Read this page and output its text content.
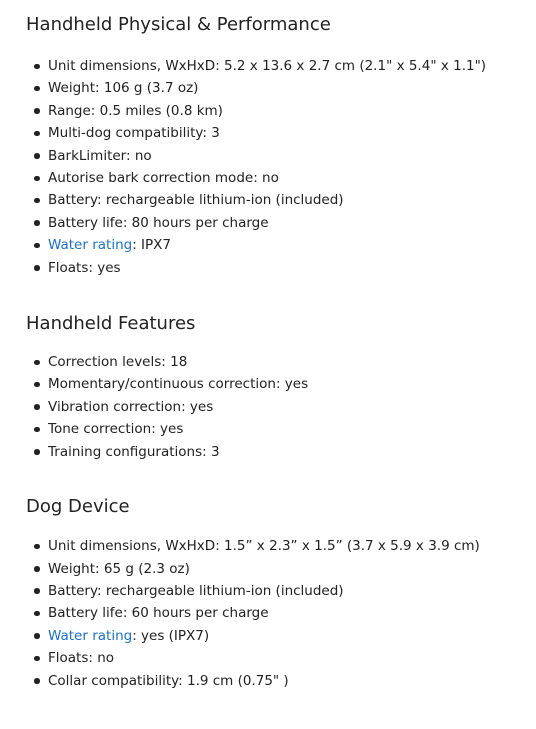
Handheld Physical & Performance
Unit dimensions, WxHxD: 5.2 x 13.6 x 2.7 cm (2.1" x 5.4" x 1.1")
Weight: 106 g (3.7 oz)
Range: 0.5 miles (0.8 km)
Multi-dog compatibility: 3
BarkLimiter: no
Autorise bark correction mode: no
Battery: rechargeable lithium-ion (included)
Battery life: 80 hours per charge
Water rating: IPX7
Floats: yes
Handheld Features
Correction levels: 18
Momentary/continuous correction: yes
Vibration correction: yes
Tone correction: yes
Training configurations: 3
Dog Device
Unit dimensions, WxHxD: 1.5” x 2.3” x 1.5” (3.7 x 5.9 x 3.9 cm)
Weight: 65 g (2.3 oz)
Battery: rechargeable lithium-ion (included)
Battery life: 60 hours per charge
Water rating: yes (IPX7)
Floats: no
Collar compatibility: 1.9 cm (0.75" )
